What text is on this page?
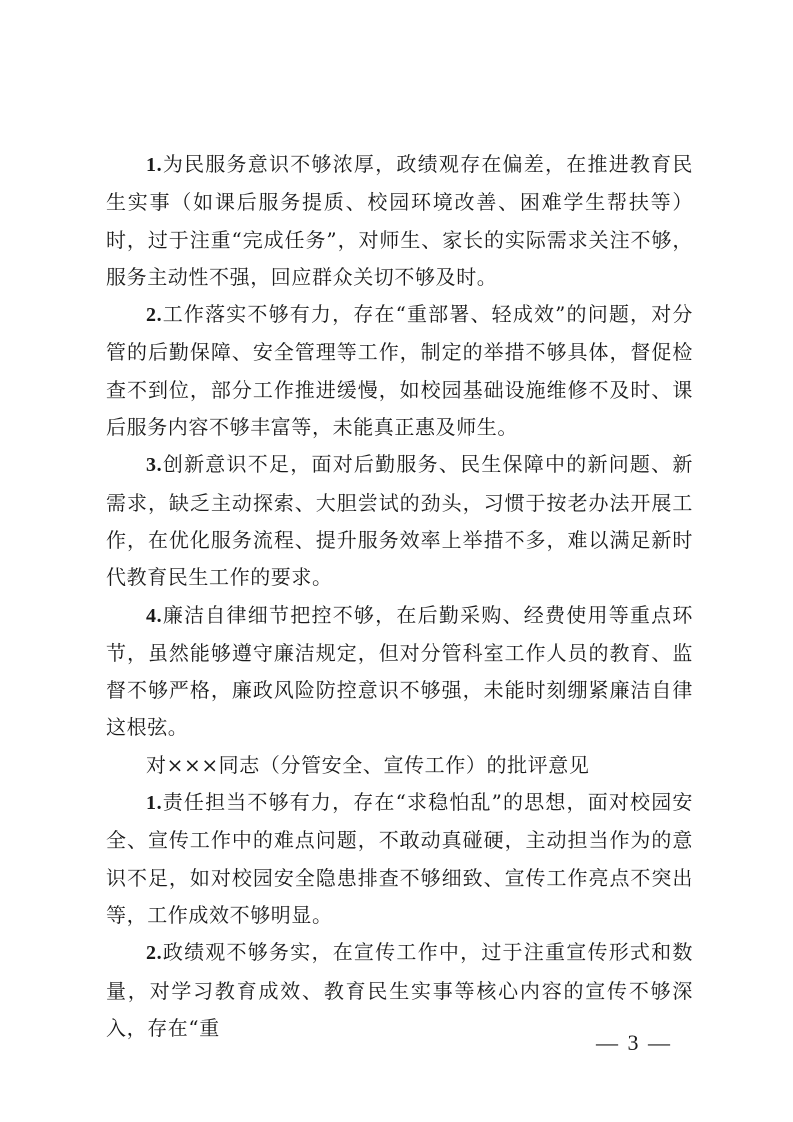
1.为民服务意识不够浓厚，政绩观存在偏差，在推进教育民生实事（如课后服务提质、校园环境改善、困难学生帮扶等）时，过于注重“完成任务”，对师生、家长的实际需求关注不够，服务主动性不强，回应群众关切不够及时。

2.工作落实不够有力，存在“重部署、轻成效”的问题，对分管的后勤保障、安全管理等工作，制定的举措不够具体，督促检查不到位，部分工作推进缓慢，如校园基础设施维修不及时、课后服务内容不够丰富等，未能真正惠及师生。

3.创新意识不足，面对后勤服务、民生保障中的新问题、新需求，缺乏主动探索、大胆尝试的劲头，习惯于按老办法开展工作，在优化服务流程、提升服务效率上举措不多，难以满足新时代教育民生工作的要求。

4.廉洁自律细节把控不够，在后勤采购、经费使用等重点环节，虽然能够遵守廉洁规定，但对分管科室工作人员的教育、监督不够严格，廉政风险防控意识不够强，未能时刻绷紧廉洁自律这根弦。

对×××同志（分管安全、宣传工作）的批评意见

1.责任担当不够有力，存在“求稳怕乱”的思想，面对校园安全、宣传工作中的难点问题，不敢动真碰硬，主动担当作为的意识不足，如对校园安全隐患排查不够细致、宣传工作亮点不突出等，工作成效不够明显。

2.政绩观不够务实，在宣传工作中，过于注重宣传形式和数量，对学习教育成效、教育民生实事等核心内容的宣传不够深入，存在“重

— 3 —
